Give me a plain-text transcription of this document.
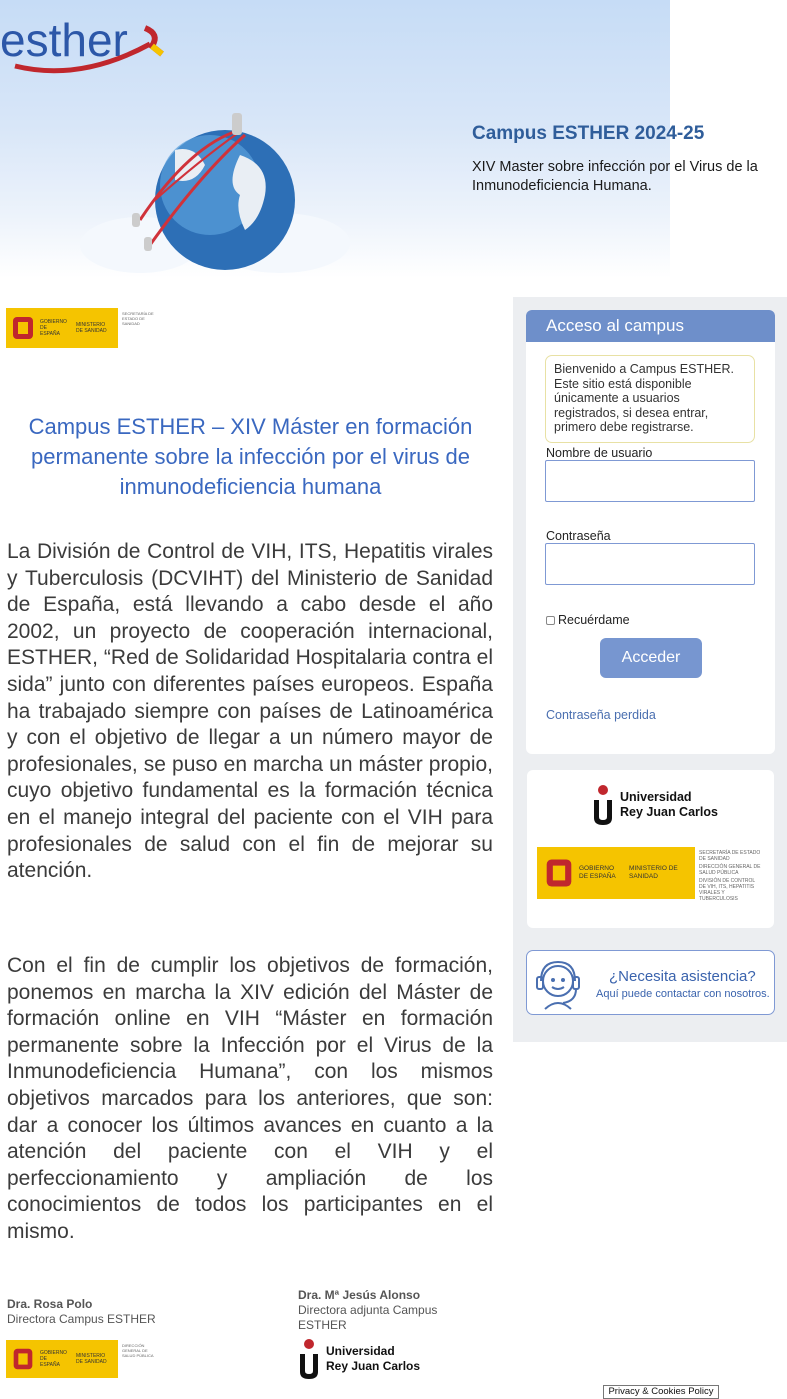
esther
Campus ESTHER 2024-25
XIV Master sobre infección por el Virus de la Inmunodeficiencia Humana.
GOBIERNO DE ESPAÑA
MINISTERIO DE SANIDAD
SECRETARÍA DE ESTADO DE SANIDAD
Campus ESTHER – XIV Máster en formación permanente sobre la infección por el virus de inmunodeficiencia humana
La División de Control de VIH, ITS, Hepatitis virales y Tuberculosis (DCVIHT) del Ministerio de Sanidad de España, está llevando a cabo desde el año 2002, un proyecto de cooperación internacional, ESTHER, “Red de Solidaridad Hospitalaria contra el sida” junto con diferentes países europeos. España ha trabajado siempre con países de Latinoamérica y con el objetivo de llegar a un número mayor de profesionales, se puso en marcha un máster propio, cuyo objetivo fundamental es la formación técnica en el manejo integral del paciente con el VIH para profesionales de salud con el fin de mejorar su atención.
Con el fin de cumplir los objetivos de formación, ponemos en marcha la XIV edición del Máster de formación online en VIH “Máster en formación permanente sobre la Infección por el Virus de la Inmunodeficiencia Humana”, con los mismos objetivos marcados para los anteriores, que son: dar a conocer los últimos avances en cuanto a la atención del paciente con el VIH y el perfeccionamiento y ampliación de los conocimientos de todos los participantes en el mismo.
Dra. Rosa Polo
Directora Campus ESTHER
Dra. Mª Jesús Alonso
Directora adjunta Campus ESTHER
GOBIERNO DE ESPAÑA
MINISTERIO DE SANIDAD
DIRECCIÓN GENERAL DE SALUD PÚBLICA	Universidad
Rey Juan Carlos
Acceso al campus
Bienvenido a Campus ESTHER. Este sitio está disponible únicamente a usuarios registrados, si desea entrar, primero debe registrarse.
Nombre de usuario
Contraseña
Recuérdame
Acceder
Contraseña perdida
Universidad
Rey Juan Carlos
GOBIERNO DE ESPAÑA
MINISTERIO DE SANIDAD
SECRETARÍA DE ESTADO DE SANIDAD
DIRECCIÓN GENERAL DE SALUD PÚBLICA
DIVISIÓN DE CONTROL DE VIH, ITS, HEPATITIS VIRALES Y TUBERCULOSIS
¿Necesita asistencia?
Aquí puede contactar con nosotros.
Privacy & Cookies Policy
